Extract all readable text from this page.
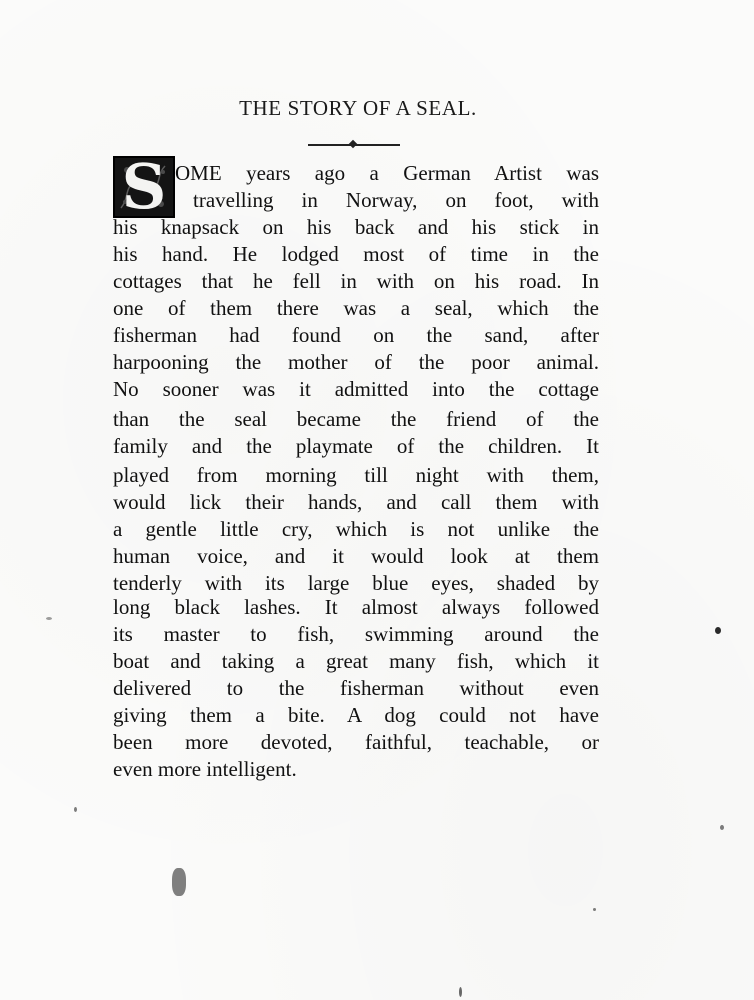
THE STORY OF A SEAL.
S OME years ago a German Artist was
travelling in Norway, on foot, with
his knapsack on his back and his stick in
his hand. He lodged most of time in the
cottages that he fell in with on his road. In
one of them there was a seal, which the
fisherman had found on the sand, after
harpooning the mother of the poor animal.
No sooner was it admitted into the cottage
than the seal became the friend of the
family and the playmate of the children. It
played from morning till night with them,
would lick their hands, and call them with
a gentle little cry, which is not unlike the
human voice, and it would look at them
tenderly with its large blue eyes, shaded by
long black lashes. It almost always followed
its master to fish, swimming around the
boat and taking a great many fish, which it
delivered to the fisherman without even
giving them a bite. A dog could not have
been more devoted, faithful, teachable, or
even more intelligent.
